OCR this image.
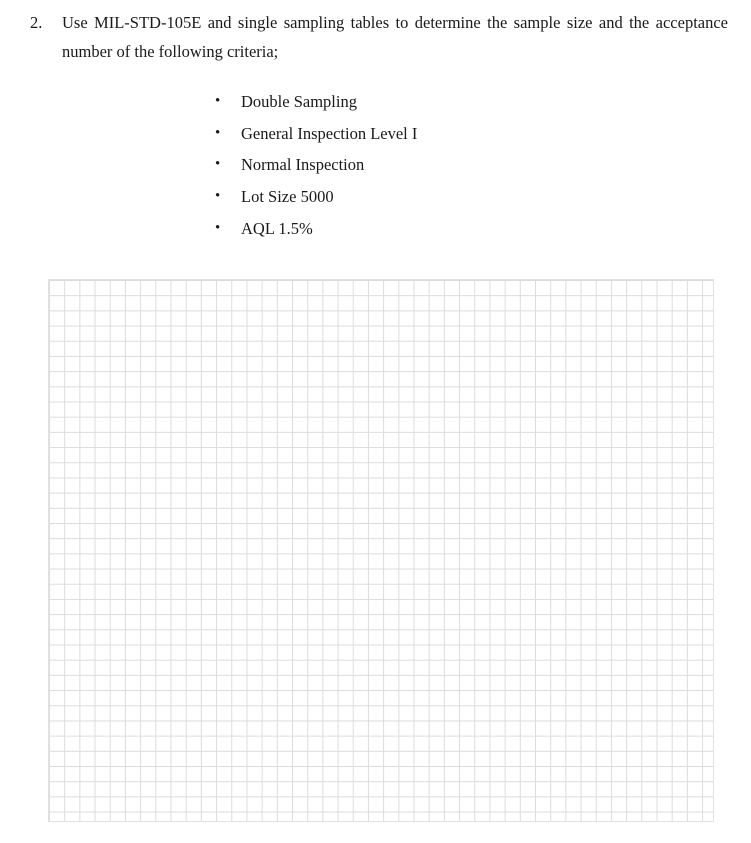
2. Use MIL-STD-105E and single sampling tables to determine the sample size and the acceptance number of the following criteria;
• Double Sampling
• General Inspection Level I
• Normal Inspection
• Lot Size 5000
• AQL 1.5%
